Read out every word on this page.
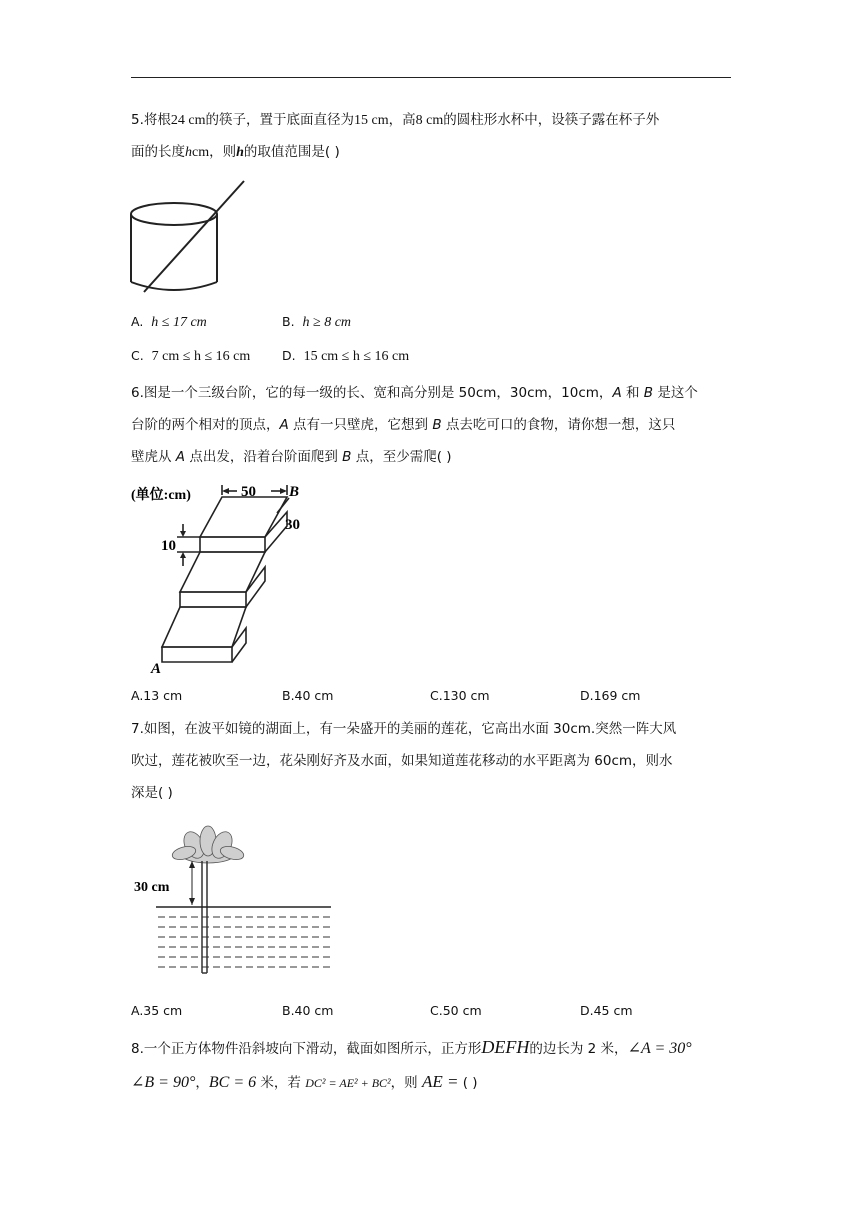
5.将根24 cm的筷子，置于底面直径为15 cm，高8 cm的圆柱形水杯中，设筷子露在杯子外
面的长度hcm，则h的取值范围是( )
A. h ≤ 17 cm	B. h ≥ 8 cm
C. 7 cm ≤ h ≤ 16 cm	D. 15 cm ≤ h ≤ 16 cm
6.图是一个三级台阶，它的每一级的长、宽和高分别是 50cm，30cm，10cm，A 和 B 是这个
台阶的两个相对的顶点，A 点有一只壁虎，它想到 B 点去吃可口的食物，请你想一想，这只
壁虎从 A 点出发，沿着台阶面爬到 B 点，至少需爬( )
(单位:cm)	50 B
30
10
A
A.13 cm	B.40 cm	C.130 cm	D.169 cm
7.如图，在波平如镜的湖面上，有一朵盛开的美丽的莲花，它高出水面 30cm.突然一阵大风
吹过，莲花被吹至一边，花朵刚好齐及水面，如果知道莲花移动的水平距离为 60cm，则水
深是( )
30 cm
A.35 cm	B.40 cm	C.50 cm	D.45 cm
8.一个正方体物件沿斜坡向下滑动，截面如图所示，正方形DEFH的边长为 2 米，∠A = 30°
∠B = 90°，BC = 6 米，若 DC² = AE² + BC²，则 AE = ( )
